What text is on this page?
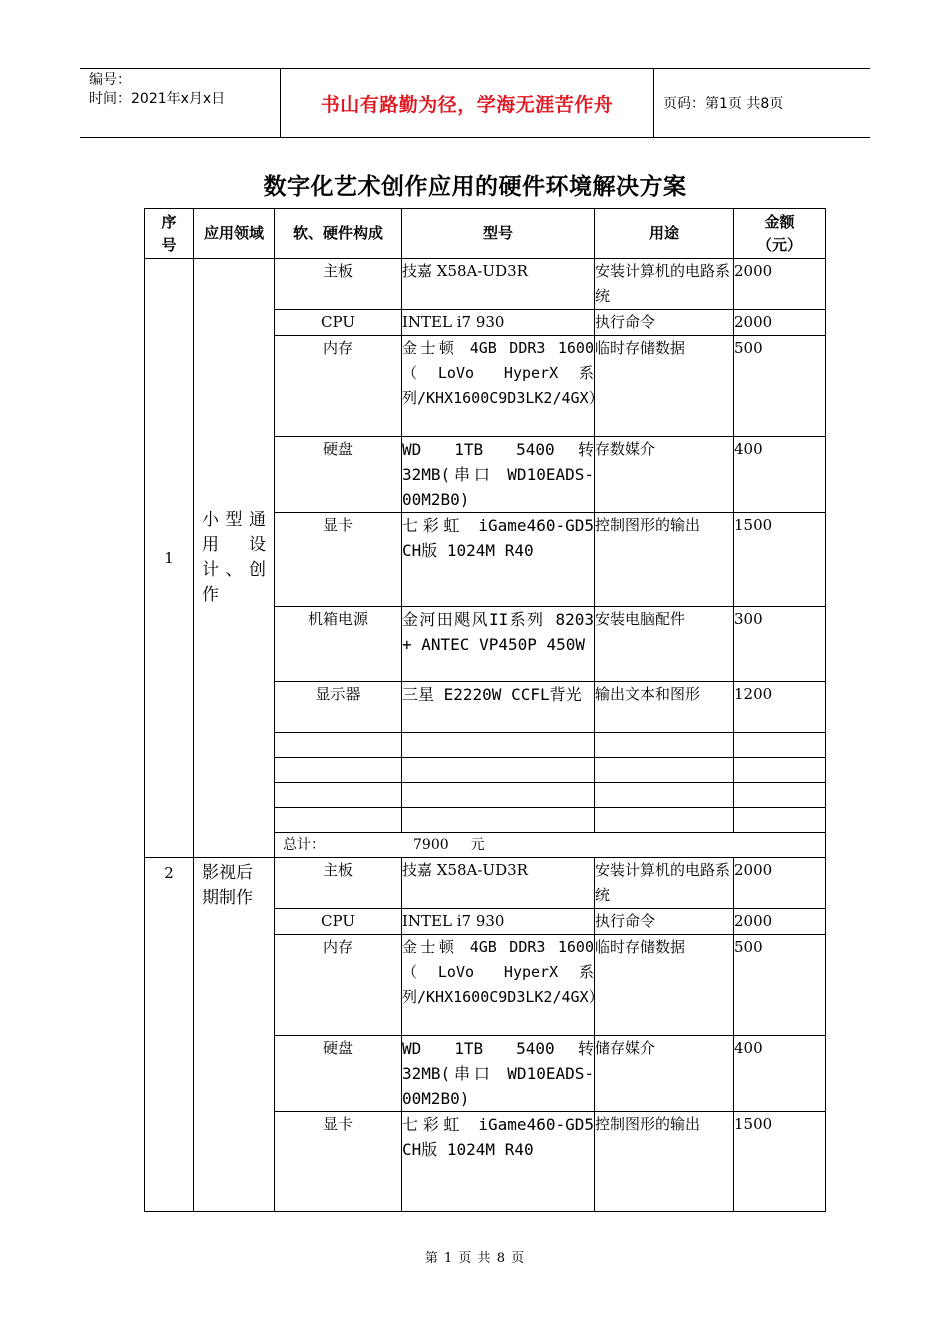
编号：
时间：2021年x月x日	书山有路勤为径，学海无涯苦作舟	页码：第1页 共8页
数字化艺术创作应用的硬件环境解决方案
序号	应用领域	软、硬件构成	型号	用途	金额（元）
1	小型通用设计、创作	主板	技嘉 X58A-UD3R	安装计算机的电路系统	2000
		CPU	INTEL i7 930	执行命令	2000
		内存	金士顿 4GB DDR3 1600（LoVo HyperX系列/KHX1600C9D3LK2/4GX）	临时存储数据	500
		硬盘	WD 1TB 5400转 32MB(串口 WD10EADS-00M2B0)	存数媒介	400
		显卡	七彩虹 iGame460-GD5 CH版 1024M R40	控制图形的输出	1500
		机箱电源	金河田飓风II系列 8203 + ANTEC VP450P 450W	安装电脑配件	300
		显示器	三星 E2220W CCFL背光	输出文本和图形	1200

		总计： 7900 元			
2	影视后期制作	主板	技嘉 X58A-UD3R	安装计算机的电路系统	2000
		CPU	INTEL i7 930	执行命令	2000
		内存	金士顿 4GB DDR3 1600（LoVo HyperX系列/KHX1600C9D3LK2/4GX）	临时存储数据	500
		硬盘	WD 1TB 5400转 32MB(串口 WD10EADS-00M2B0)	储存媒介	400
		显卡	七彩虹 iGame460-GD5 CH版 1024M R40	控制图形的输出	1500
第 1 页 共 8 页
